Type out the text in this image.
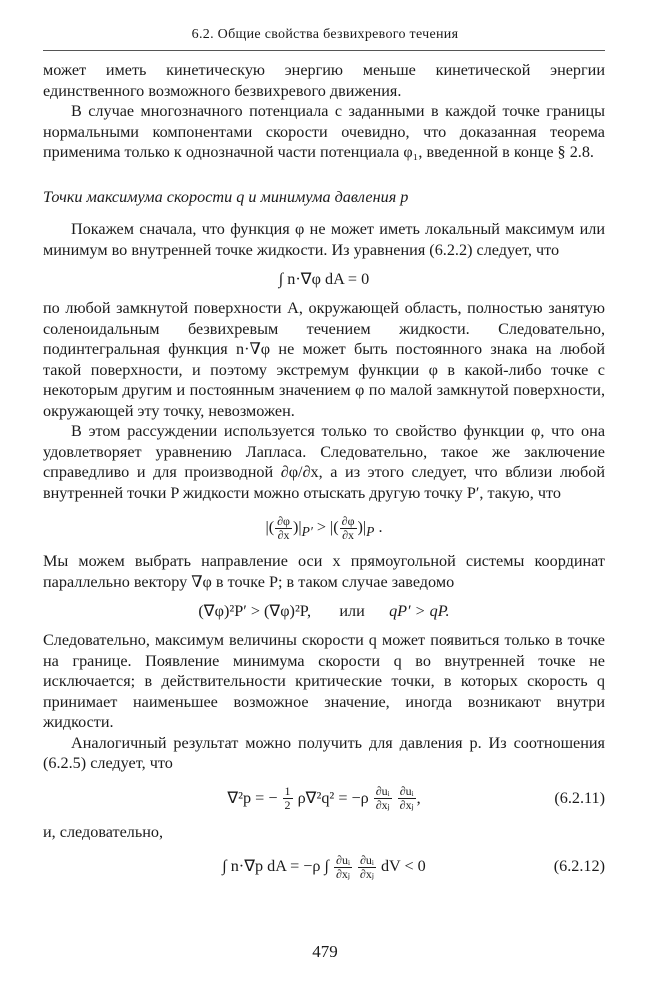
6.2. Общие свойства безвихревого течения

может иметь кинетическую энергию меньше кинетической энергии единственного возможного безвихревого движения.

В случае многозначного потенциала с заданными в каждой точке границы нормальными компонентами скорости очевидно, что доказанная теорема применима только к однозначной части потенциала φ₁, введенной в конце § 2.8.

Точки максимума скорости q и минимума давления p

Покажем сначала, что функция φ не может иметь локальный максимум или минимум во внутренней точке жидкости. Из уравнения (6.2.2) следует, что

∫ n·∇φ dA = 0

по любой замкнутой поверхности A, окружающей область, полностью занятую соленоидальным безвихревым течением жидкости. Следовательно, подинтегральная функция n·∇φ не может быть постоянного знака на любой такой поверхности, и поэтому экстремум функции φ в какой-либо точке с некоторым другим и постоянным значением φ по малой замкнутой поверхности, окружающей эту точку, невозможен.

В этом рассуждении используется только то свойство функции φ, что она удовлетворяет уравнению Лапласа. Следовательно, такое же заключение справедливо и для производной ∂φ/∂x, а из этого следует, что вблизи любой внутренней точки P жидкости можно отыскать другую точку P′, такую, что

|( $\frac{\partial\varphi}{\partial x} )|_{P'}$ > |( $\frac{\partial\varphi}{\partial x} )|_P$ .

Мы можем выбрать направление оси x прямоугольной системы координат параллельно вектору ∇φ в точке P; в таком случае заведомо

(∇φ)²P′ > (∇φ)²P, или qP′ > qP.

Следовательно, максимум величины скорости q может появиться только в точке на границе. Появление минимума скорости q во внутренней точке не исключается; в действительности критические точки, в которых скорость q принимает наименьшее возможное значение, иногда возникают внутри жидкости.

Аналогичный результат можно получить для давления p. Из соотношения (6.2.5) следует, что

∇²p = − $\frac{1}{2} \rho\nabla^2q^2 = -\rho \frac{\text{∂uᵢ}}{\text{∂xⱼ}}$
$\frac{\text{∂uᵢ}}{\text{∂xⱼ}}$ ,	(6.2.11)

и, следовательно,

∫ n·∇p dA = −ρ ∫ $\frac{\text{∂uᵢ}}{\text{∂xⱼ}}$
$\frac{\text{∂uᵢ}}{\text{∂xⱼ}}$ dV < 0	(6.2.12)
479
